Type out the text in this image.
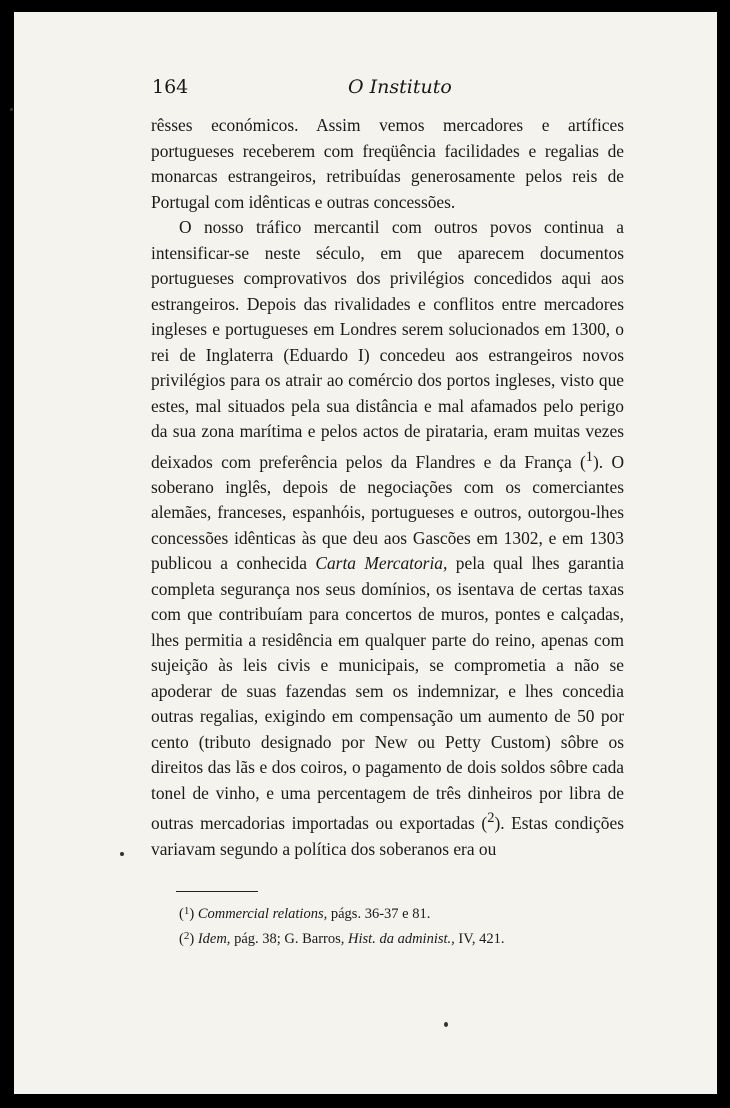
164	O Instituto

rêsses económicos. Assim vemos mercadores e artífices portugueses receberem com freqüência facilidades e regalias de monarcas estrangeiros, retribuídas generosamente pelos reis de Portugal com idênticas e outras concessões.

O nosso tráfico mercantil com outros povos continua a intensificar-se neste século, em que aparecem documentos portugueses comprovativos dos privilégios concedidos aqui aos estrangeiros. Depois das rivalidades e conflitos entre mercadores ingleses e portugueses em Londres serem solucionados em 1300, o rei de Inglaterra (Eduardo I) concedeu aos estrangeiros novos privilégios para os atrair ao comércio dos portos ingleses, visto que estes, mal situados pela sua distância e mal afamados pelo perigo da sua zona marítima e pelos actos de pirataria, eram muitas vezes deixados com preferência pelos da Flandres e da França ($^1$). O soberano inglês, depois de negociações com os comerciantes alemães, franceses, espanhóis, portugueses e outros, outorgou-lhes concessões idênticas às que deu aos Gascões em 1302, e em 1303 publicou a conhecida Carta Mercatoria, pela qual lhes garantia completa segurança nos seus domínios, os isentava de certas taxas com que contribuíam para concertos de muros, pontes e calçadas, lhes permitia a residência em qualquer parte do reino, apenas com sujeição às leis civis e municipais, se comprometia a não se apoderar de suas fazendas sem os indemnizar, e lhes concedia outras regalias, exigindo em compensação um aumento de 50 por cento (tributo designado por New ou Petty Custom) sôbre os direitos das lãs e dos coiros, o pagamento de dois soldos sôbre cada tonel de vinho, e uma percentagem de três dinheiros por libra de outras mercadorias importadas ou exportadas ($^2$). Estas condições variavam segundo a política dos soberanos era ou

($^1$) Commercial relations, págs. 36-37 e 81.
($^2$) Idem, pág. 38; G. Barros, Hist. da administ., IV, 421.
